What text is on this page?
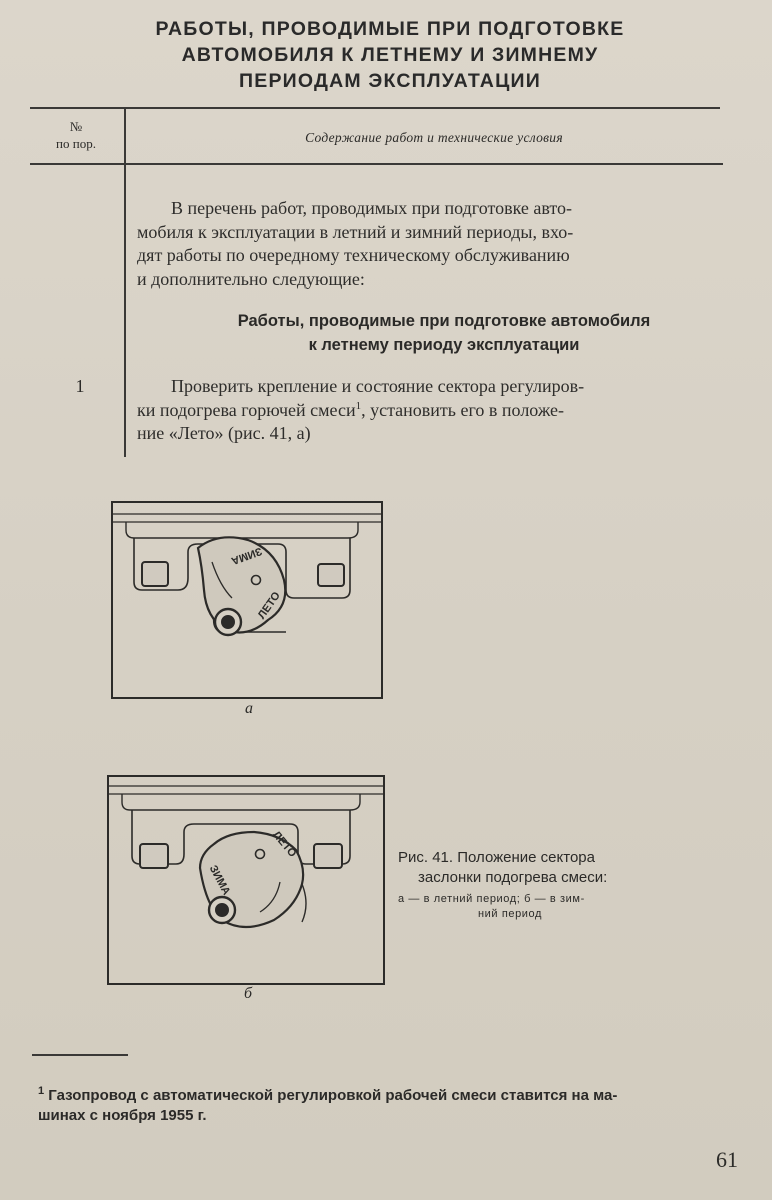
РАБОТЫ, ПРОВОДИМЫЕ ПРИ ПОДГОТОВКЕ
АВТОМОБИЛЯ К ЛЕТНЕМУ И ЗИМНЕМУ
ПЕРИОДАМ ЭКСПЛУАТАЦИИ
№
по пор.	Содержание работ и технические условия
В перечень работ, проводимых при подготовке авто-
мобиля к эксплуатации в летний и зимний периоды, вхо-
дят работы по очередному техническому обслуживанию
и дополнительно следующие:
Работы, проводимые при подготовке автомобиля
к летнему периоду эксплуатации
1	Проверить крепление и состояние сектора регулиров-
ки подогрева горючей смеси$^1$, установить его в положе-
ние «Лето» (рис. 41, а)
ЗИМА
ЛЕТО
а
ЗИМА
ЛЕТО
б
Рис. 41. Положение сектора
заслонки подогрева смеси:
а — в летний период; б — в зим-
ний период
$^1$ Газопровод с автоматической регулировкой рабочей смеси ставится на ма-
шинах с ноября 1955 г.
61
